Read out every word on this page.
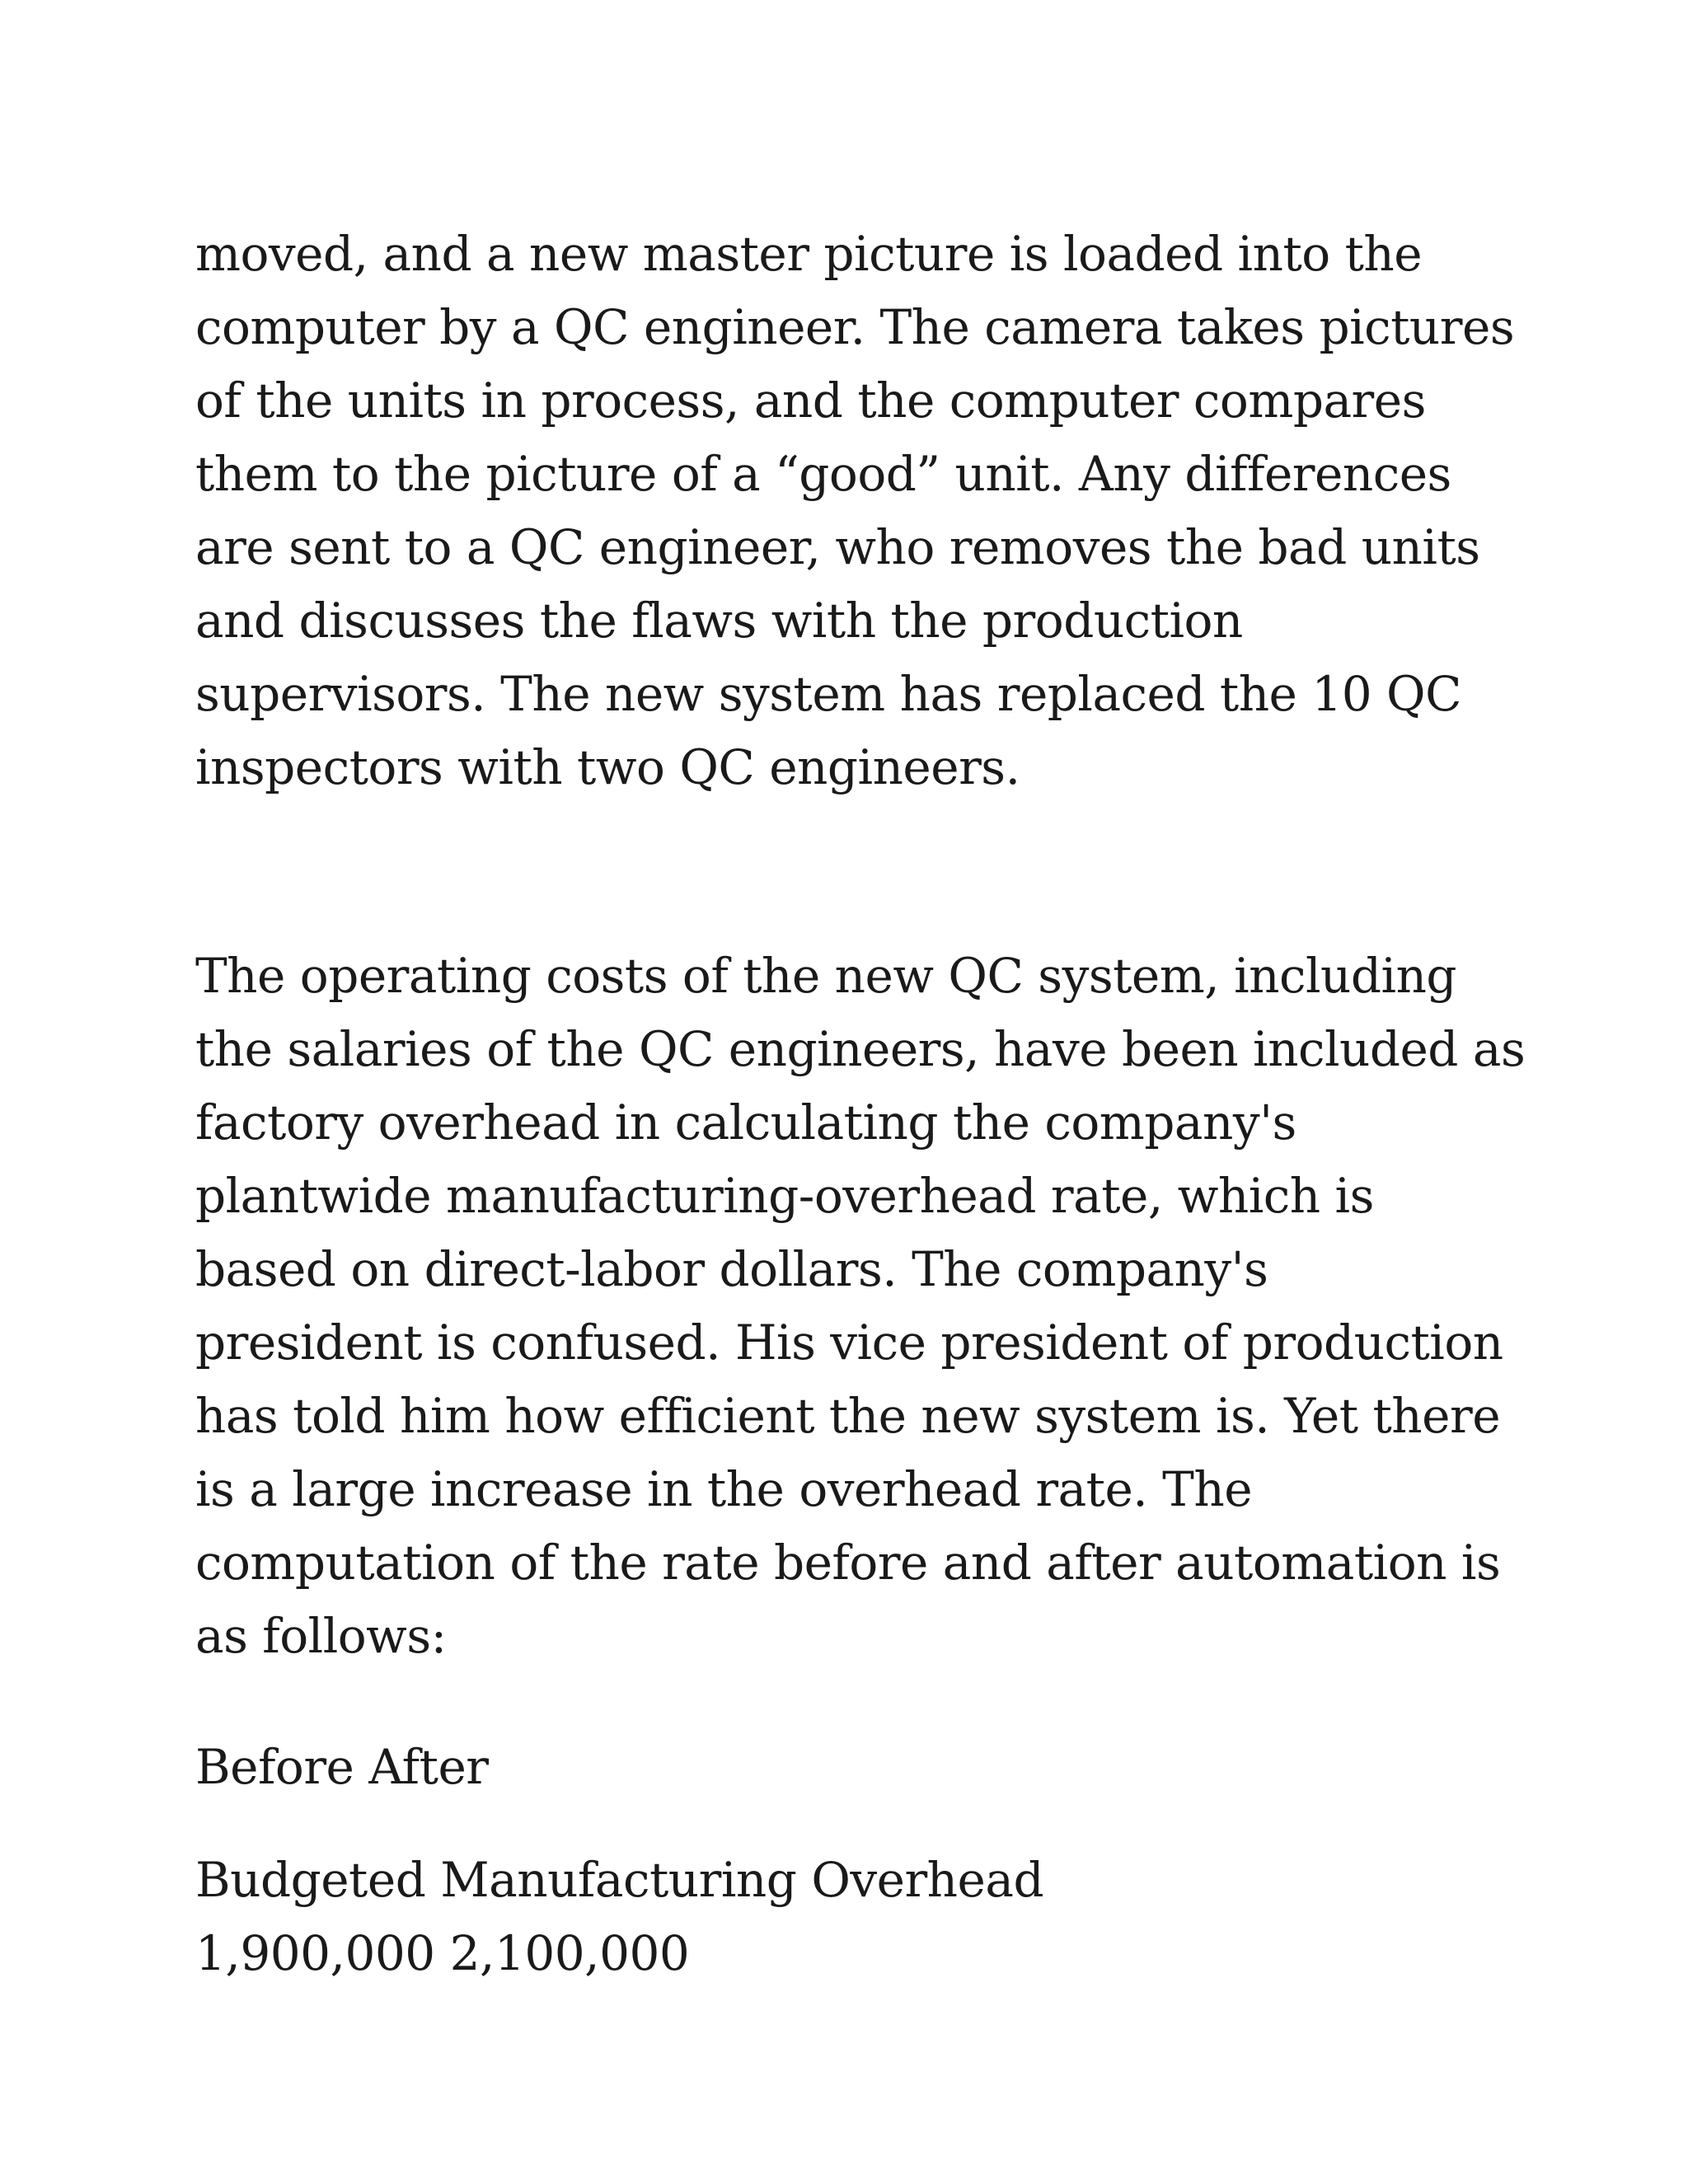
moved, and a new master picture is loaded into the
computer by a QC engineer. The camera takes pictures
of the units in process, and the computer compares
them to the picture of a “good” unit. Any differences
are sent to a QC engineer, who removes the bad units
and discusses the flaws with the production
supervisors. The new system has replaced the 10 QC
inspectors with two QC engineers.
The operating costs of the new QC system, including
the salaries of the QC engineers, have been included as
factory overhead in calculating the company's
plantwide manufacturing-overhead rate, which is
based on direct-labor dollars. The company's
president is confused. His vice president of production
has told him how efficient the new system is. Yet there
is a large increase in the overhead rate. The
computation of the rate before and after automation is
as follows:
Before After
Budgeted Manufacturing Overhead
1,900,000 2,100,000
